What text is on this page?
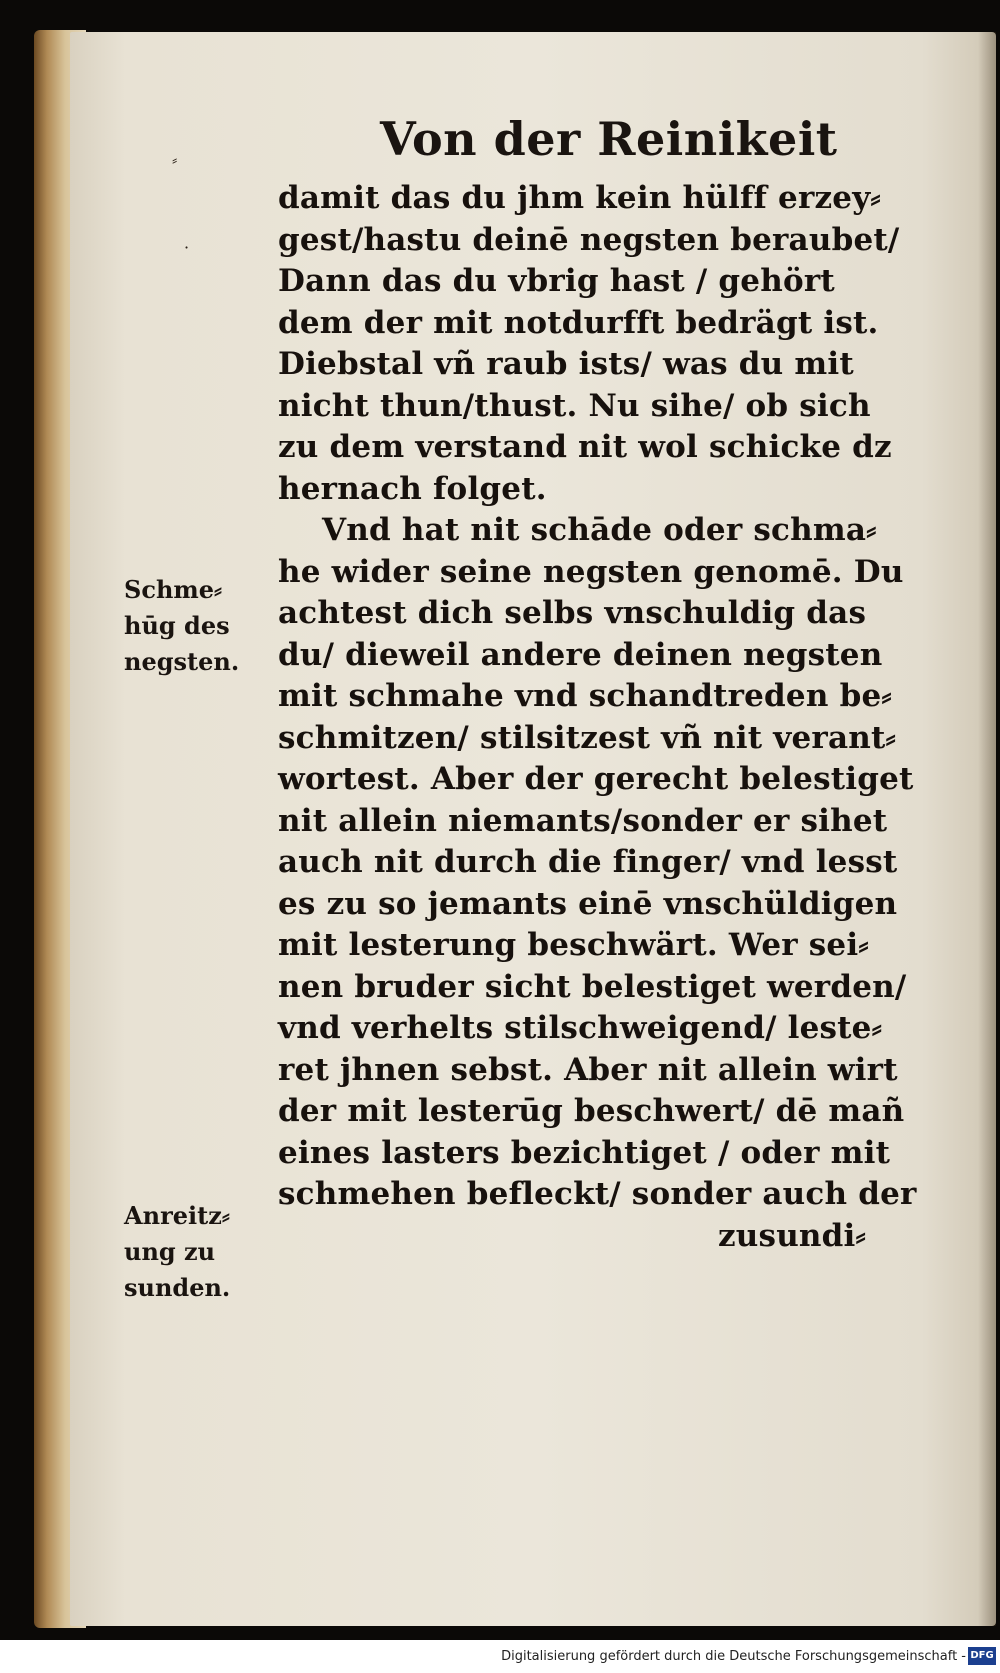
⸗
·
Von der Reinikeit
damit das du jhm kein hülff erzey⸗
gest/hastu deinē negsten beraubet/
Dann das du vbrig hast / gehört
dem der mit notdurfft bedrägt ist.
Diebstal vñ raub ists/ was du mit
nicht thun/thust. Nu sihe/ ob sich
zu dem verstand nit wol schicke dz
hernach folget.
Vnd hat nit schāde oder schma⸗
he wider seine negsten genomē. Du
achtest dich selbs vnschuldig das
du/ dieweil andere deinen negsten
mit schmahe vnd schandtreden be⸗
schmitzen/ stilsitzest vñ nit verant⸗
wortest. Aber der gerecht belestiget
nit allein niemants/sonder er sihet
auch nit durch die finger/ vnd lesst
es zu so jemants einē vnschüldigen
mit lesterung beschwärt. Wer sei⸗
nen bruder sicht belestiget werden/
vnd verhelts stilschweigend/ leste⸗
ret jhnen sebst. Aber nit allein wirt
der mit lesterūg beschwert/ dē mañ
eines lasters bezichtiget / oder mit
schmehen befleckt/ sonder auch der
zusundi⸗
Schme⸗
hūg des
negsten.
Anreitz⸗
ung zu
sunden.
Digitalisierung gefördert durch die Deutsche Forschungsgemeinschaft - DFG
